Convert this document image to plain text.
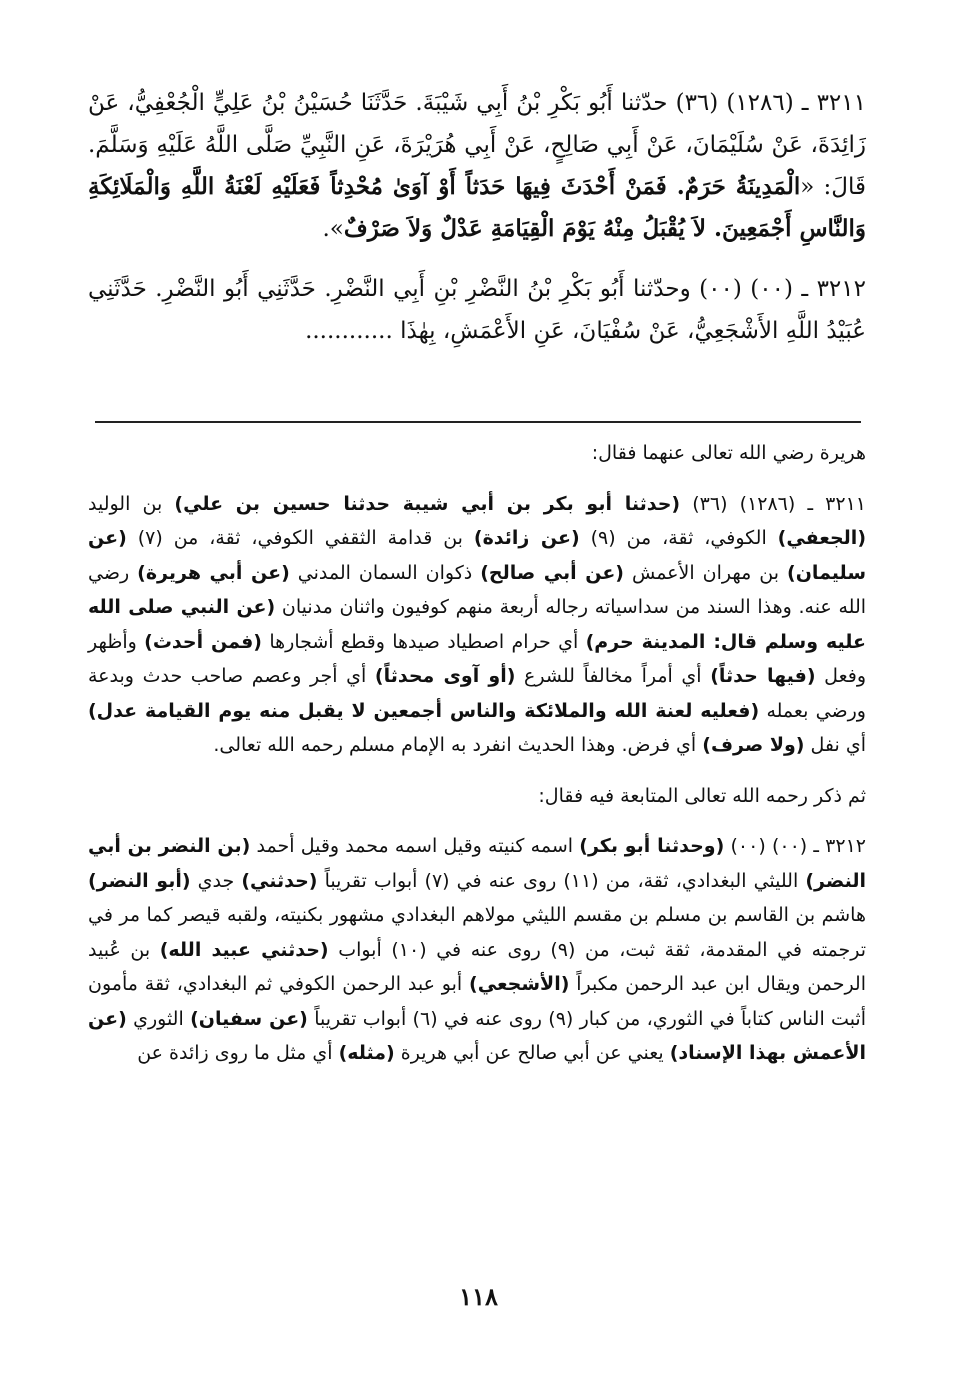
٣٢١١ ـ (١٢٨٦) (٣٦) حدّثنا أَبُو بَكْرِ بْنُ أَبِي شَيْبَةَ. حَدَّثَنَا حُسَيْنُ بْنُ عَلِيٍّ الْجُعْفِيُّ، عَنْ زَائِدَةَ، عَنْ سُلَيْمَانَ، عَنْ أَبِي صَالِحٍ، عَنْ أَبِي هُرَيْرَةَ، عَنِ النَّبِيِّ صَلَّى اللَّهُ عَلَيْهِ وَسَلَّمَ. قَالَ: «الْمَدِينَةُ حَرَمٌ. فَمَنْ أَحْدَثَ فِيهَا حَدَثاً أَوْ آوَىٰ مُحْدِثاً فَعَلَيْهِ لَعْنَةُ اللَّهِ وَالْمَلَائِكَةِ وَالنَّاسِ أَجْمَعِينَ. لاَ يُقْبَلُ مِنْهُ يَوْمَ الْقِيَامَةِ عَدْلٌ وَلاَ صَرْفٌ».

٣٢١٢ ـ (٠٠) (٠٠) وحدّثنا أَبُو بَكْرِ بْنُ النَّضْرِ بْنِ أَبِي النَّضْرِ. حَدَّثَنِي أَبُو النَّضْرِ. حَدَّثَنِي عُبَيْدُ اللَّهِ الأَشْجَعِيُّ، عَنْ سُفْيَانَ، عَنِ الأَعْمَشِ، بِهٰذَا ............

هريرة رضي الله تعالى عنهما فقال:

٣٢١١ ـ (١٢٨٦) (٣٦) (حدثنا أبو بكر بن أبي شيبة حدثنا حسين بن علي) بن الوليد (الجعفي) الكوفي، ثقة، من (٩) (عن زائدة) بن قدامة الثقفي الكوفي، ثقة، من (٧) (عن سليمان) بن مهران الأعمش (عن أبي صالح) ذكوان السمان المدني (عن أبي هريرة) رضي الله عنه. وهذا السند من سداسياته رجاله أربعة منهم كوفيون واثنان مدنيان (عن النبي صلى الله عليه وسلم قال: المدينة حرم) أي حرام اصطياد صيدها وقطع أشجارها (فمن أحدث) وأظهر وفعل (فيها حدثاً) أي أمراً مخالفاً للشرع (أو آوى محدثاً) أي أجر وعصم صاحب حدث وبدعة ورضي بعمله (فعليه لعنة الله والملائكة والناس أجمعين لا يقبل منه يوم القيامة عدل) أي نفل (ولا صرف) أي فرض. وهذا الحديث انفرد به الإمام مسلم رحمه الله تعالى.

ثم ذكر رحمه الله تعالى المتابعة فيه فقال:

٣٢١٢ ـ (٠٠) (٠٠) (وحدثنا أبو بكر) اسمه كنيته وقيل اسمه محمد وقيل أحمد (بن النضر بن أبي النضر) الليثي البغدادي، ثقة، من (١١) روى عنه في (٧) أبواب تقريباً (حدثني) جدي (أبو النضر) هاشم بن القاسم بن مسلم بن مقسم الليثي مولاهم البغدادي مشهور بكنيته، ولقبه قيصر كما مر في ترجمته في المقدمة، ثقة ثبت، من (٩) روى عنه في (١٠) أبواب (حدثني عبيد الله) بن عُبيد الرحمن ويقال ابن عبد الرحمن مكبراً (الأشجعي) أبو عبد الرحمن الكوفي ثم البغدادي، ثقة مأمون أثبت الناس كتاباً في الثوري، من كبار (٩) روى عنه في (٦) أبواب تقريباً (عن سفيان) الثوري (عن الأعمش بهذا الإسناد) يعني عن أبي صالح عن أبي هريرة (مثله) أي مثل ما روى زائدة عن

١١٨
